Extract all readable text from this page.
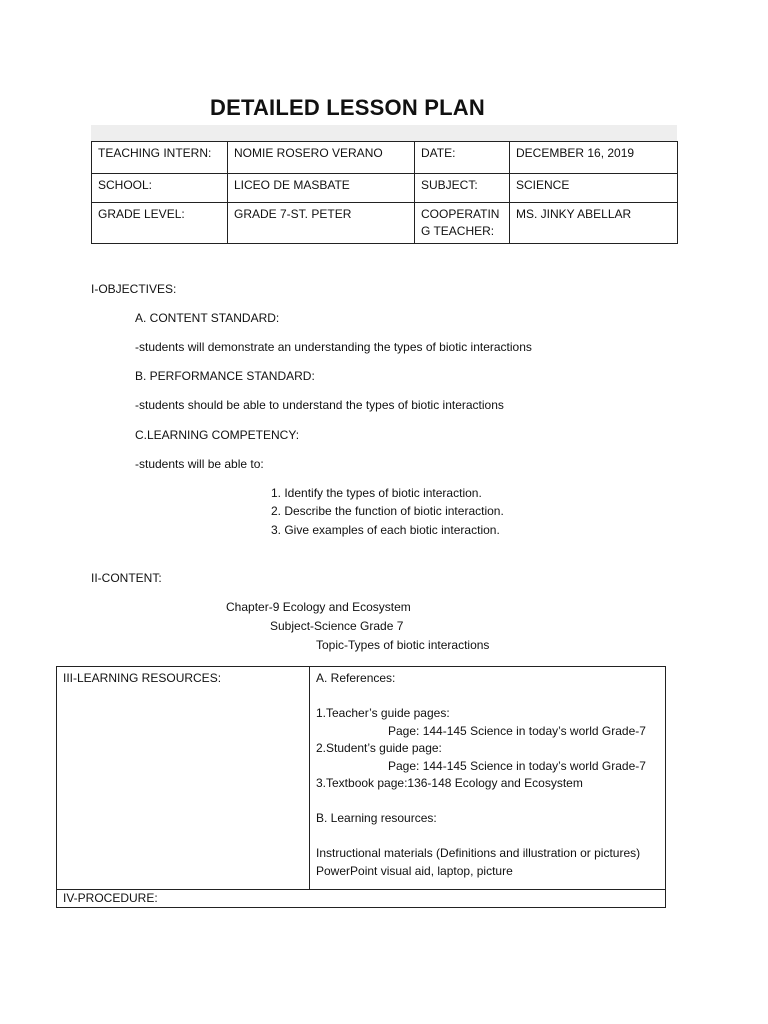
DETAILED LESSON PLAN
TEACHING INTERN:	NOMIE ROSERO VERANO	DATE:	DECEMBER 16, 2019
SCHOOL:	LICEO DE MASBATE	SUBJECT:	SCIENCE
GRADE LEVEL:	GRADE 7-ST. PETER	COOPERATIN G TEACHER:	MS. JINKY ABELLAR

I-OBJECTIVES:

A. CONTENT STANDARD:

-students will demonstrate an understanding the types of biotic interactions

B. PERFORMANCE STANDARD:

-students should be able to understand the types of biotic interactions

C.LEARNING COMPETENCY:

-students will be able to:

1. Identify the types of biotic interaction.

2. Describe the function of biotic interaction.

3. Give examples of each biotic interaction.

II-CONTENT:

Chapter-9 Ecology and Ecosystem

Subject-Science Grade 7

Topic-Types of biotic interactions

III-LEARNING RESOURCES:	A. References:
1.Teacher’s guide pages:
Page: 144-145 Science in today’s world Grade-7
2.Student’s guide page:
Page: 144-145 Science in today’s world Grade-7
3.Textbook page:136-148 Ecology and Ecosystem
B. Learning resources:
Instructional materials (Definitions and illustration or pictures)
PowerPoint visual aid, laptop, picture

IV-PROCEDURE:
